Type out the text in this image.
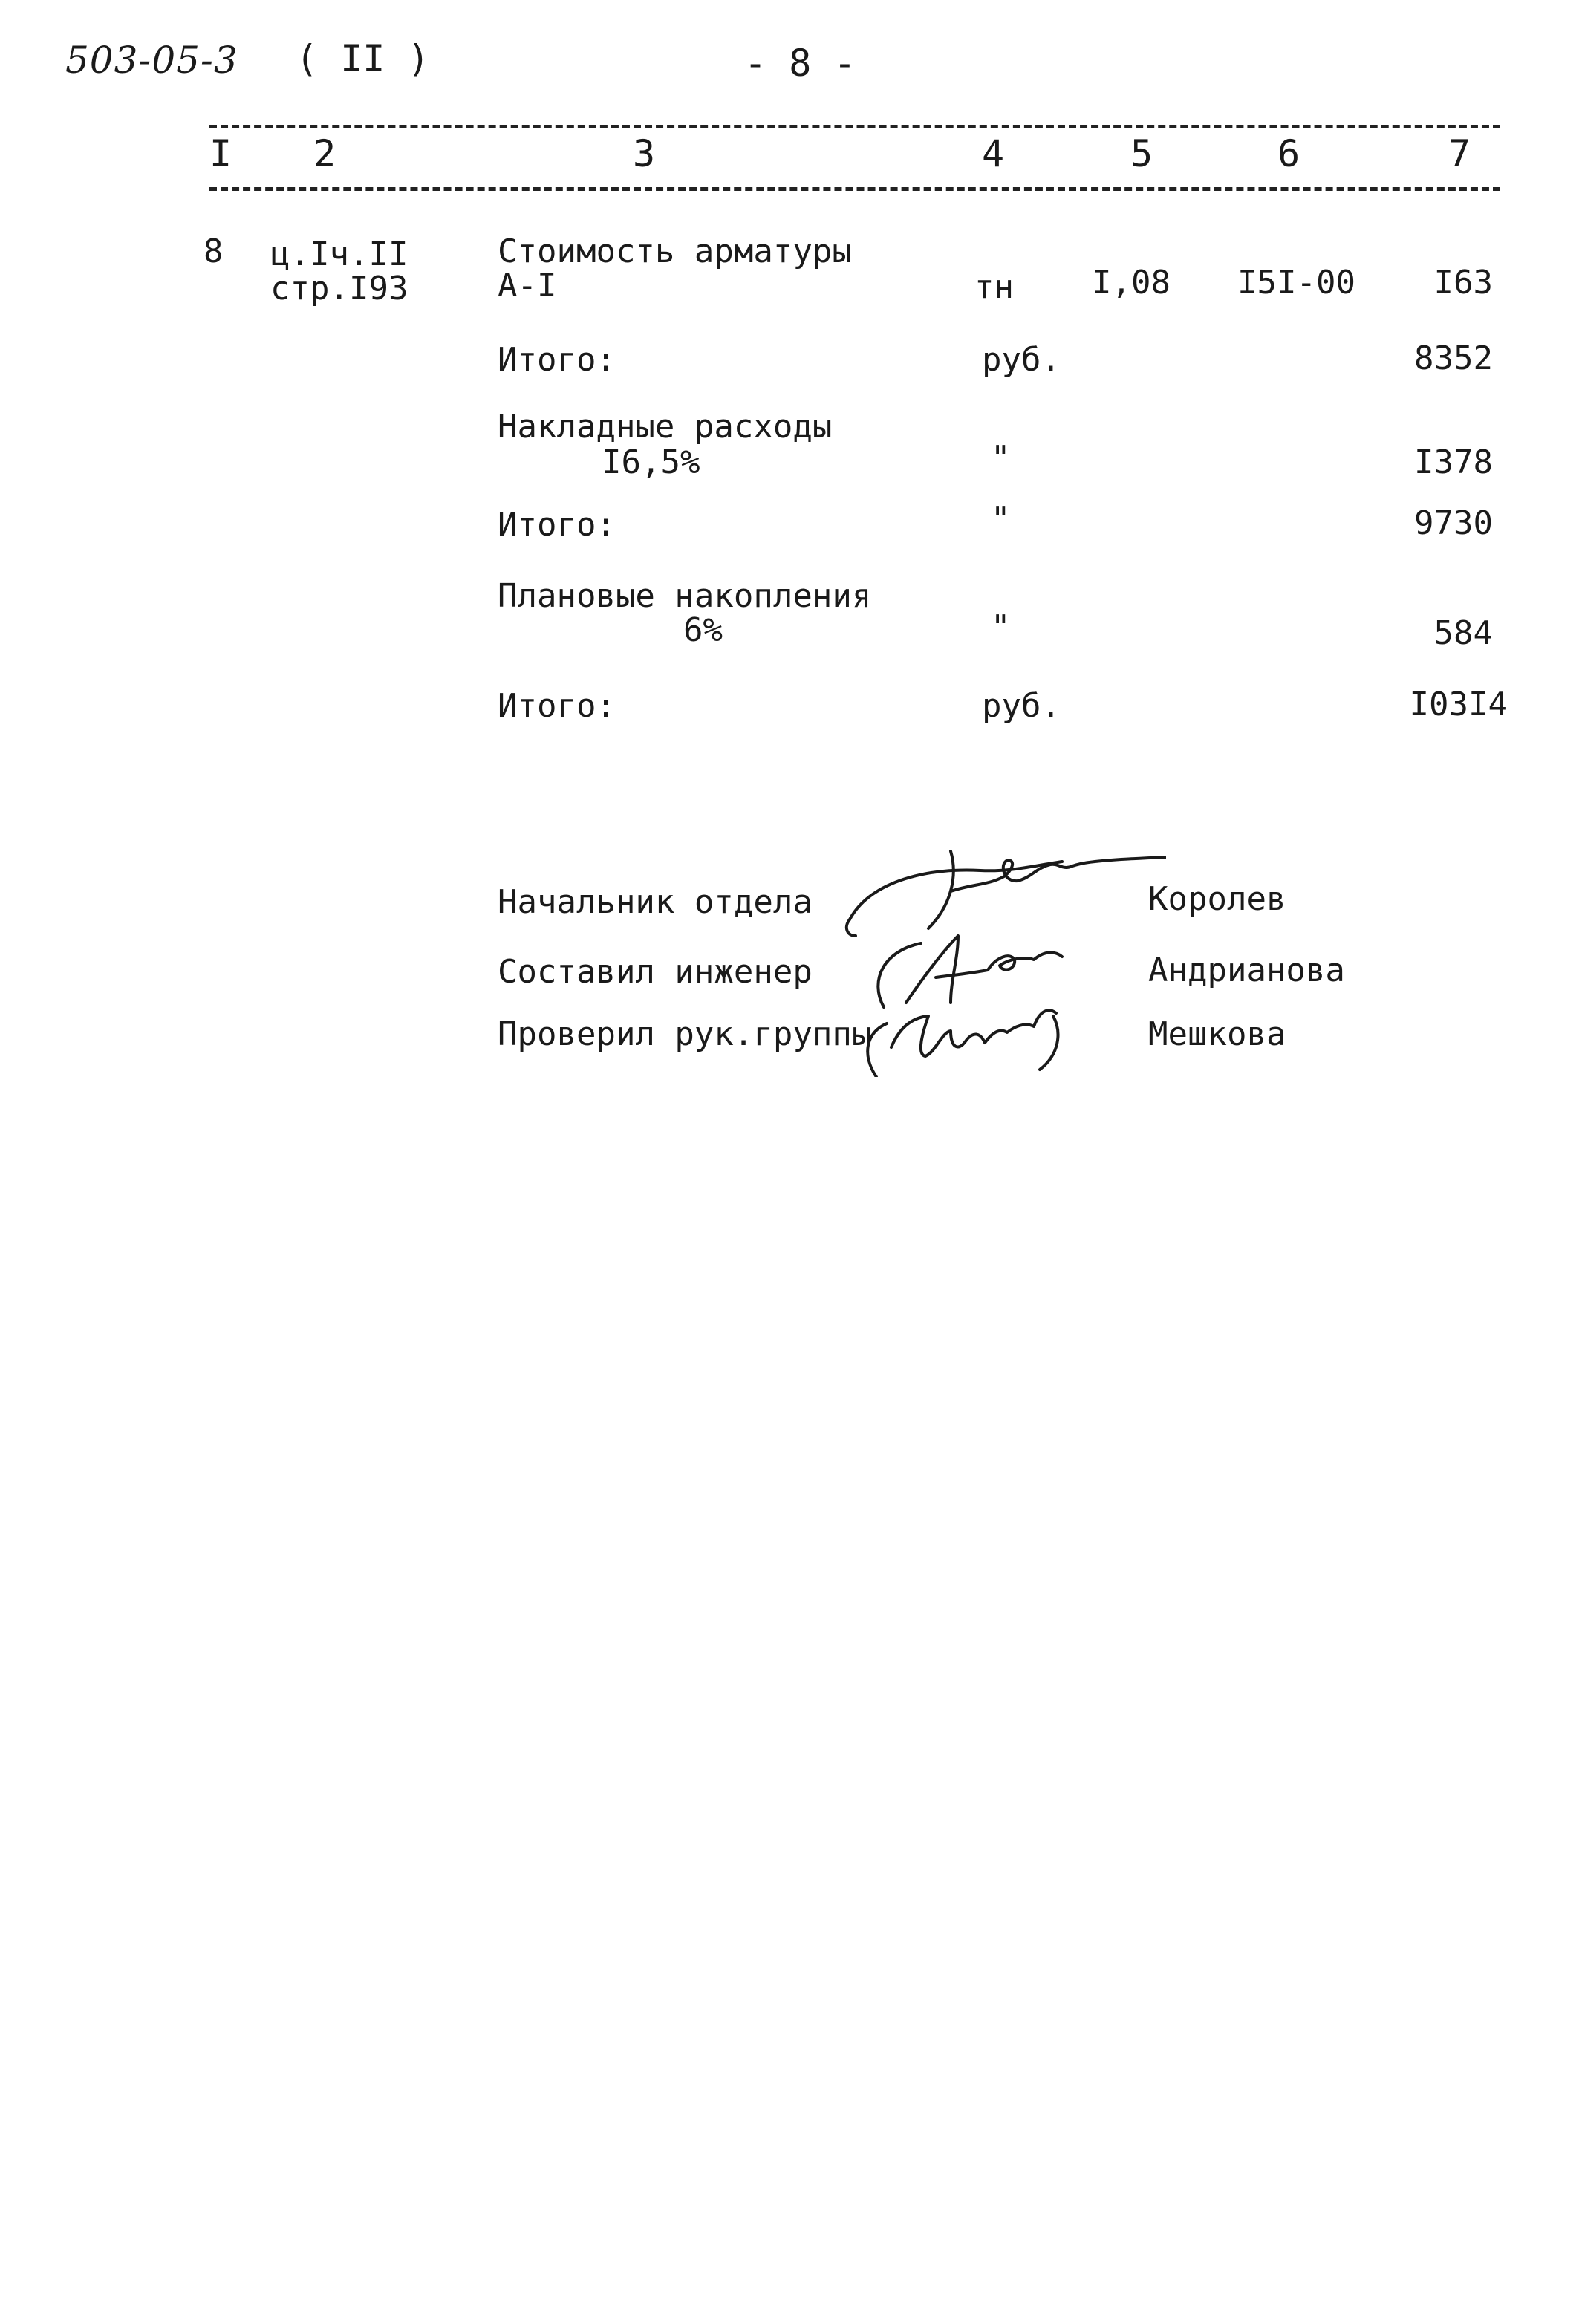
503-05-3 ( II )	- 8 -
I 2	3	4	5	6	7
8 ц.Iч.II
стр.I93
Стоимость арматуры
А-I	тн I,08 I5I-00	I63
Итого:	руб.	8352
Накладные расходы
I6,5%	"	I378
Итого:	"	9730
Плановые накопления
6%	"	584
Итого:	руб.	I03I4
Начальник отдела	Королев
Составил инженер	Андрианова
Проверил рук.группы	Мешкова
